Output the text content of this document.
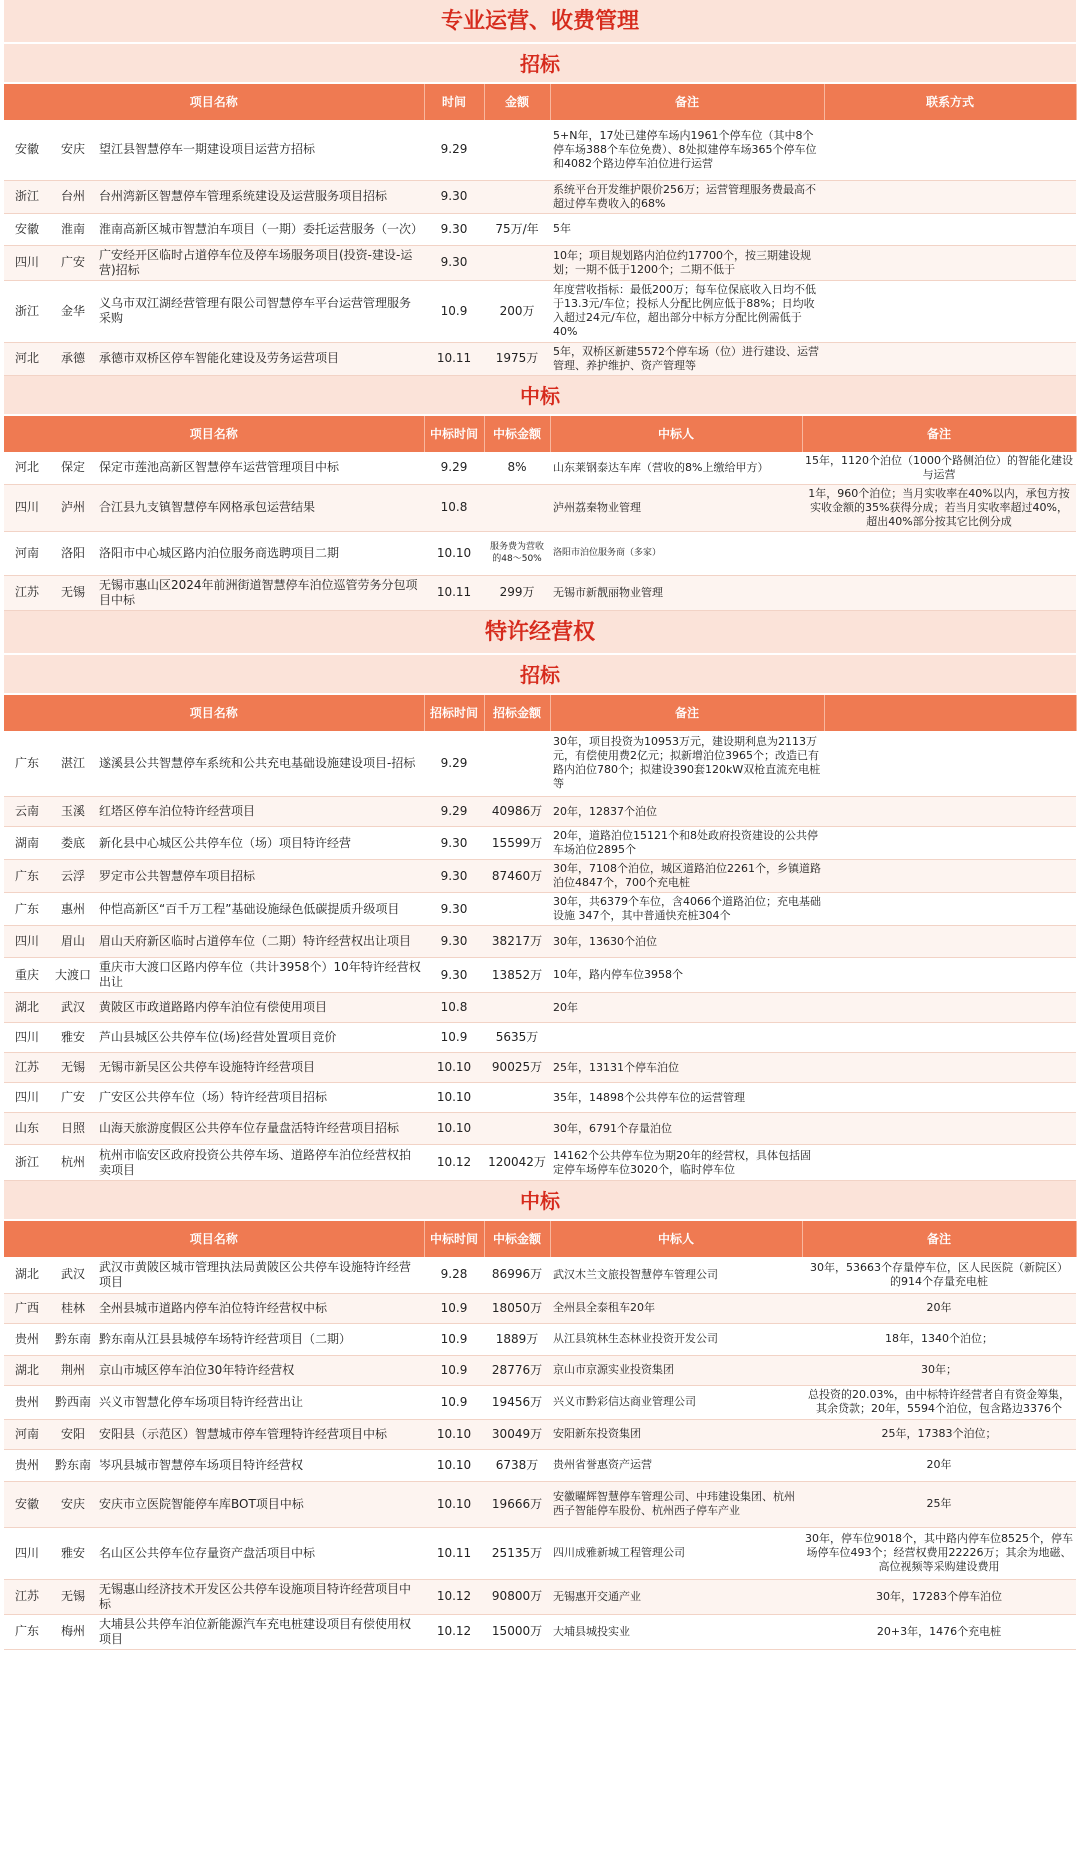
专业运营、收费管理
招标
项目名称			时间	金额	备注	联系方式
安徽	安庆	望江县智慧停车一期建设项目运营方招标	9.29		5+N年，17处已建停车场内1961个停车位（其中8个停车场388个车位免费）、8处拟建停车场365个停车位和4082个路边停车泊位进行运营	
浙江	台州	台州湾新区智慧停车管理系统建设及运营服务项目招标	9.30		系统平台开发维护限价256万；运营管理服务费最高不超过停车费收入的68%	
安徽	淮南	淮南高新区城市智慧泊车项目（一期）委托运营服务（一次）	9.30	75万/年	5年	
四川	广安	广安经开区临时占道停车位及停车场服务项目(投资-建设-运营)招标	9.30		10年；项目规划路内泊位约17700个，按三期建设规划；一期不低于1200个；二期不低于	
浙江	金华	义乌市双江湖经营管理有限公司智慧停车平台运营管理服务采购	10.9	200万	年度营收指标：最低200万；每车位保底收入日均不低于13.3元/车位；投标人分配比例应低于88%；日均收入超过24元/车位，超出部分中标方分配比例需低于40%	
河北	承德	承德市双桥区停车智能化建设及劳务运营项目	10.11	1975万	5年，双桥区新建5572个停车场（位）进行建设、运营管理、养护维护、资产管理等	
中标
项目名称			中标时间	中标金额	中标人	备注
河北	保定	保定市莲池高新区智慧停车运营管理项目中标	9.29	8%	山东莱钢泰达车库（营收的8%上缴给甲方）	15年，1120个泊位（1000个路侧泊位）的智能化建设与运营
四川	泸州	合江县九支镇智慧停车网格承包运营结果	10.8		泸州荔秦物业管理	1年，960个泊位；当月实收率在40%以内，承包方按实收金额的35%获得分成；若当月实收率超过40%，超出40%部分按其它比例分成
河南	洛阳	洛阳市中心城区路内泊位服务商选聘项目二期	10.10	服务费为营收的48～50%	洛阳市泊位服务商（多家）	
江苏	无锡	无锡市惠山区2024年前洲街道智慧停车泊位巡管劳务分包项目中标	10.11	299万	无锡市新靓丽物业管理	
特许经营权
招标
项目名称			招标时间	招标金额	备注	
广东	湛江	遂溪县公共智慧停车系统和公共充电基础设施建设项目-招标	9.29		30年，项目投资为10953万元，建设期利息为2113万元，有偿使用费2亿元；拟新增泊位3965个；改造已有路内泊位780个；拟建设390套120kW双枪直流充电桩等	
云南	玉溪	红塔区停车泊位特许经营项目	9.29	40986万	20年，12837个泊位	
湖南	娄底	新化县中心城区公共停车位（场）项目特许经营	9.30	15599万	20年，道路泊位15121个和8处政府投资建设的公共停车场泊位2895个	
广东	云浮	罗定市公共智慧停车项目招标	9.30	87460万	30年，7108个泊位，城区道路泊位2261个，乡镇道路泊位4847个，700个充电桩	
广东	惠州	仲恺高新区“百千万工程”基础设施绿色低碳提质升级项目	9.30		30年，共6379个车位，含4066个道路泊位；充电基础设施 347个，其中普通快充桩304个	
四川	眉山	眉山天府新区临时占道停车位（二期）特许经营权出让项目	9.30	38217万	30年，13630个泊位	
重庆	大渡口	重庆市大渡口区路内停车位（共计3958个）10年特许经营权出让	9.30	13852万	10年，路内停车位3958个	
湖北	武汉	黄陂区市政道路路内停车泊位有偿使用项目	10.8		20年	
四川	雅安	芦山县城区公共停车位(场)经营处置项目竞价	10.9	5635万		
江苏	无锡	无锡市新吴区公共停车设施特许经营项目	10.10	90025万	25年，13131个停车泊位	
四川	广安	广安区公共停车位（场）特许经营项目招标	10.10		35年，14898个公共停车位的运营管理	
山东	日照	山海天旅游度假区公共停车位存量盘活特许经营项目招标	10.10		30年，6791个存量泊位	
浙江	杭州	杭州市临安区政府投资公共停车场、道路停车泊位经营权拍卖项目	10.12	120042万	14162个公共停车位为期20年的经营权，具体包括固定停车场停车位3020个，临时停车位	
中标
项目名称			中标时间	中标金额	中标人	备注
湖北	武汉	武汉市黄陂区城市管理执法局黄陂区公共停车设施特许经营项目	9.28	86996万	武汉木兰文旅投智慧停车管理公司	30年，53663个存量停车位，区人民医院（新院区）的914个存量充电桩
广西	桂林	全州县城市道路内停车泊位特许经营权中标	10.9	18050万	全州县全泰租车20年	20年
贵州	黔东南	黔东南从江县县城停车场特许经营项目（二期）	10.9	1889万	从江县筑林生态林业投资开发公司	18年，1340个泊位；
湖北	荆州	京山市城区停车泊位30年特许经营权	10.9	28776万	京山市京源实业投资集团	30年；
贵州	黔西南	兴义市智慧化停车场项目特许经营出让	10.9	19456万	兴义市黔彩信达商业管理公司	总投资的20.03%，由中标特许经营者自有资金筹集，其余贷款；20年，5594个泊位，包含路边3376个
河南	安阳	安阳县（示范区）智慧城市停车管理特许经营项目中标	10.10	30049万	安阳新东投资集团	25年，17383个泊位；
贵州	黔东南	岑巩县城市智慧停车场项目特许经营权	10.10	6738万	贵州省誉惠资产运营	20年
安徽	安庆	安庆市立医院智能停车库BOT项目中标	10.10	19666万	安徽曜辉智慧停车管理公司、中玮建设集团、杭州西子智能停车股份、杭州西子停车产业	25年
四川	雅安	名山区公共停车位存量资产盘活项目中标	10.11	25135万	四川成雅新城工程管理公司	30年，停车位9018个，其中路内停车位8525个，停车场停车位493个；经营权费用22226万；其余为地磁、高位视频等采购建设费用
江苏	无锡	无锡惠山经济技术开发区公共停车设施项目特许经营项目中标	10.12	90800万	无锡惠开交通产业	30年，17283个停车泊位
广东	梅州	大埔县公共停车泊位新能源汽车充电桩建设项目有偿使用权项目	10.12	15000万	大埔县城投实业	20+3年，1476个充电桩
